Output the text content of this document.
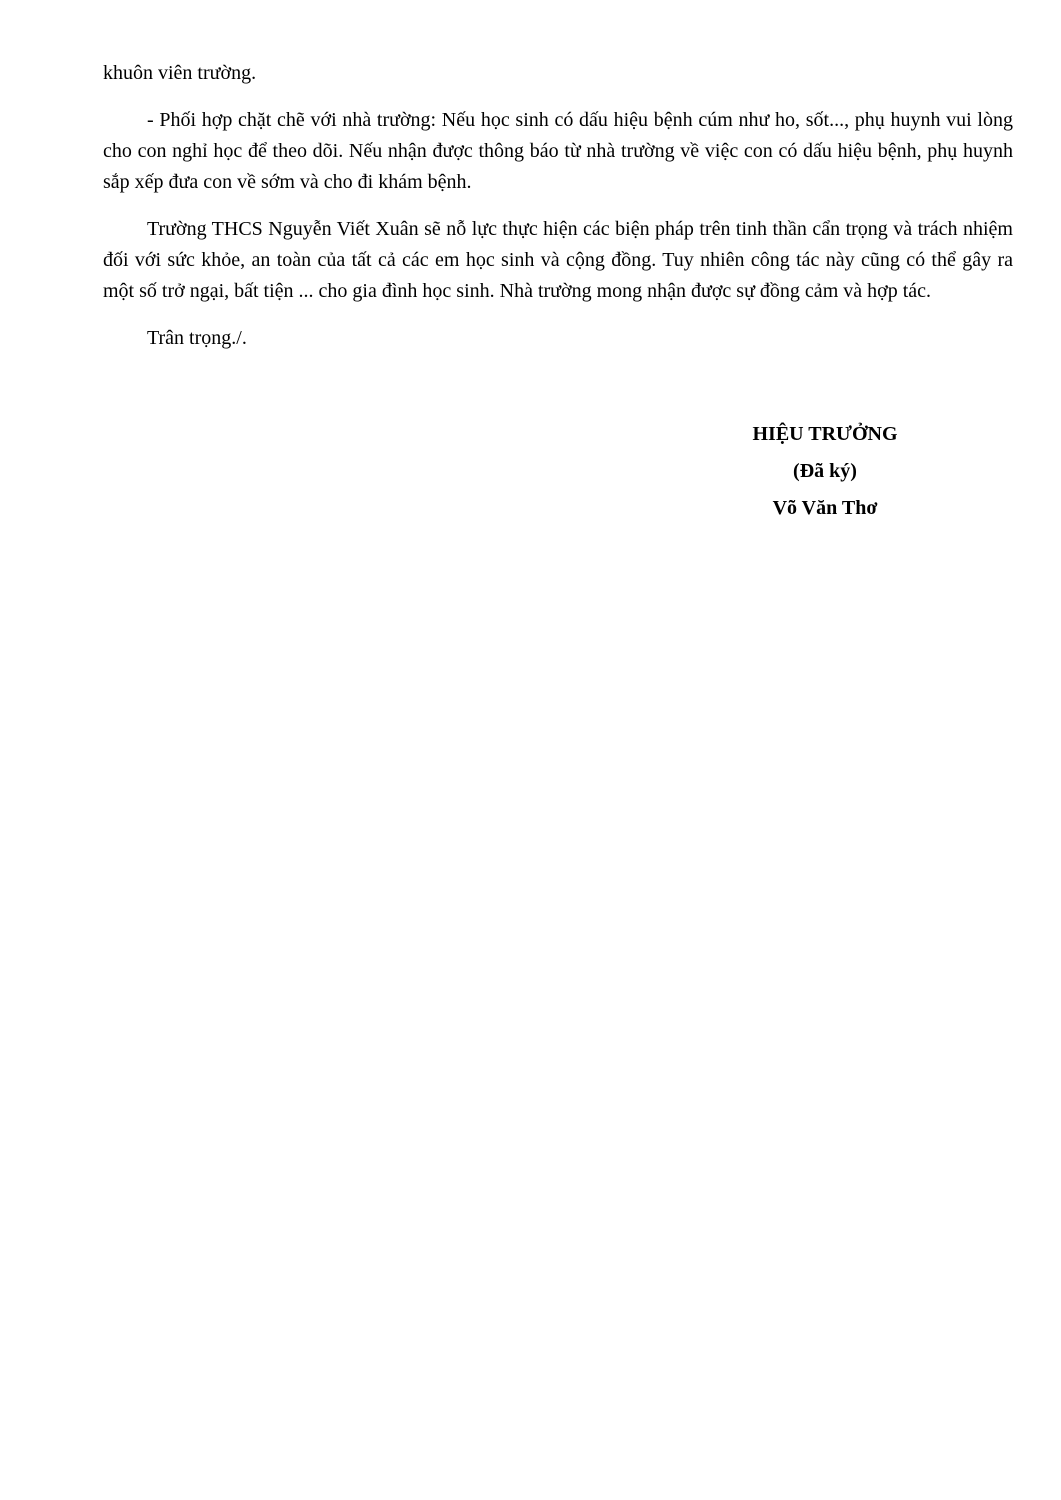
khuôn viên trường.

- Phối hợp chặt chẽ với nhà trường: Nếu học sinh có dấu hiệu bệnh cúm như ho, sốt..., phụ huynh vui lòng cho con nghỉ học để theo dõi. Nếu nhận được thông báo từ nhà trường về việc con có dấu hiệu bệnh, phụ huynh sắp xếp đưa con về sớm và cho đi khám bệnh.

Trường THCS Nguyễn Viết Xuân sẽ nỗ lực thực hiện các biện pháp trên tinh thần cẩn trọng và trách nhiệm đối với sức khỏe, an toàn của tất cả các em học sinh và cộng đồng. Tuy nhiên công tác này cũng có thể gây ra một số trở ngại, bất tiện ... cho gia đình học sinh. Nhà trường mong nhận được sự đồng cảm và hợp tác.

Trân trọng./.

HIỆU TRƯỞNG
(Đã ký)
Võ Văn Thơ
